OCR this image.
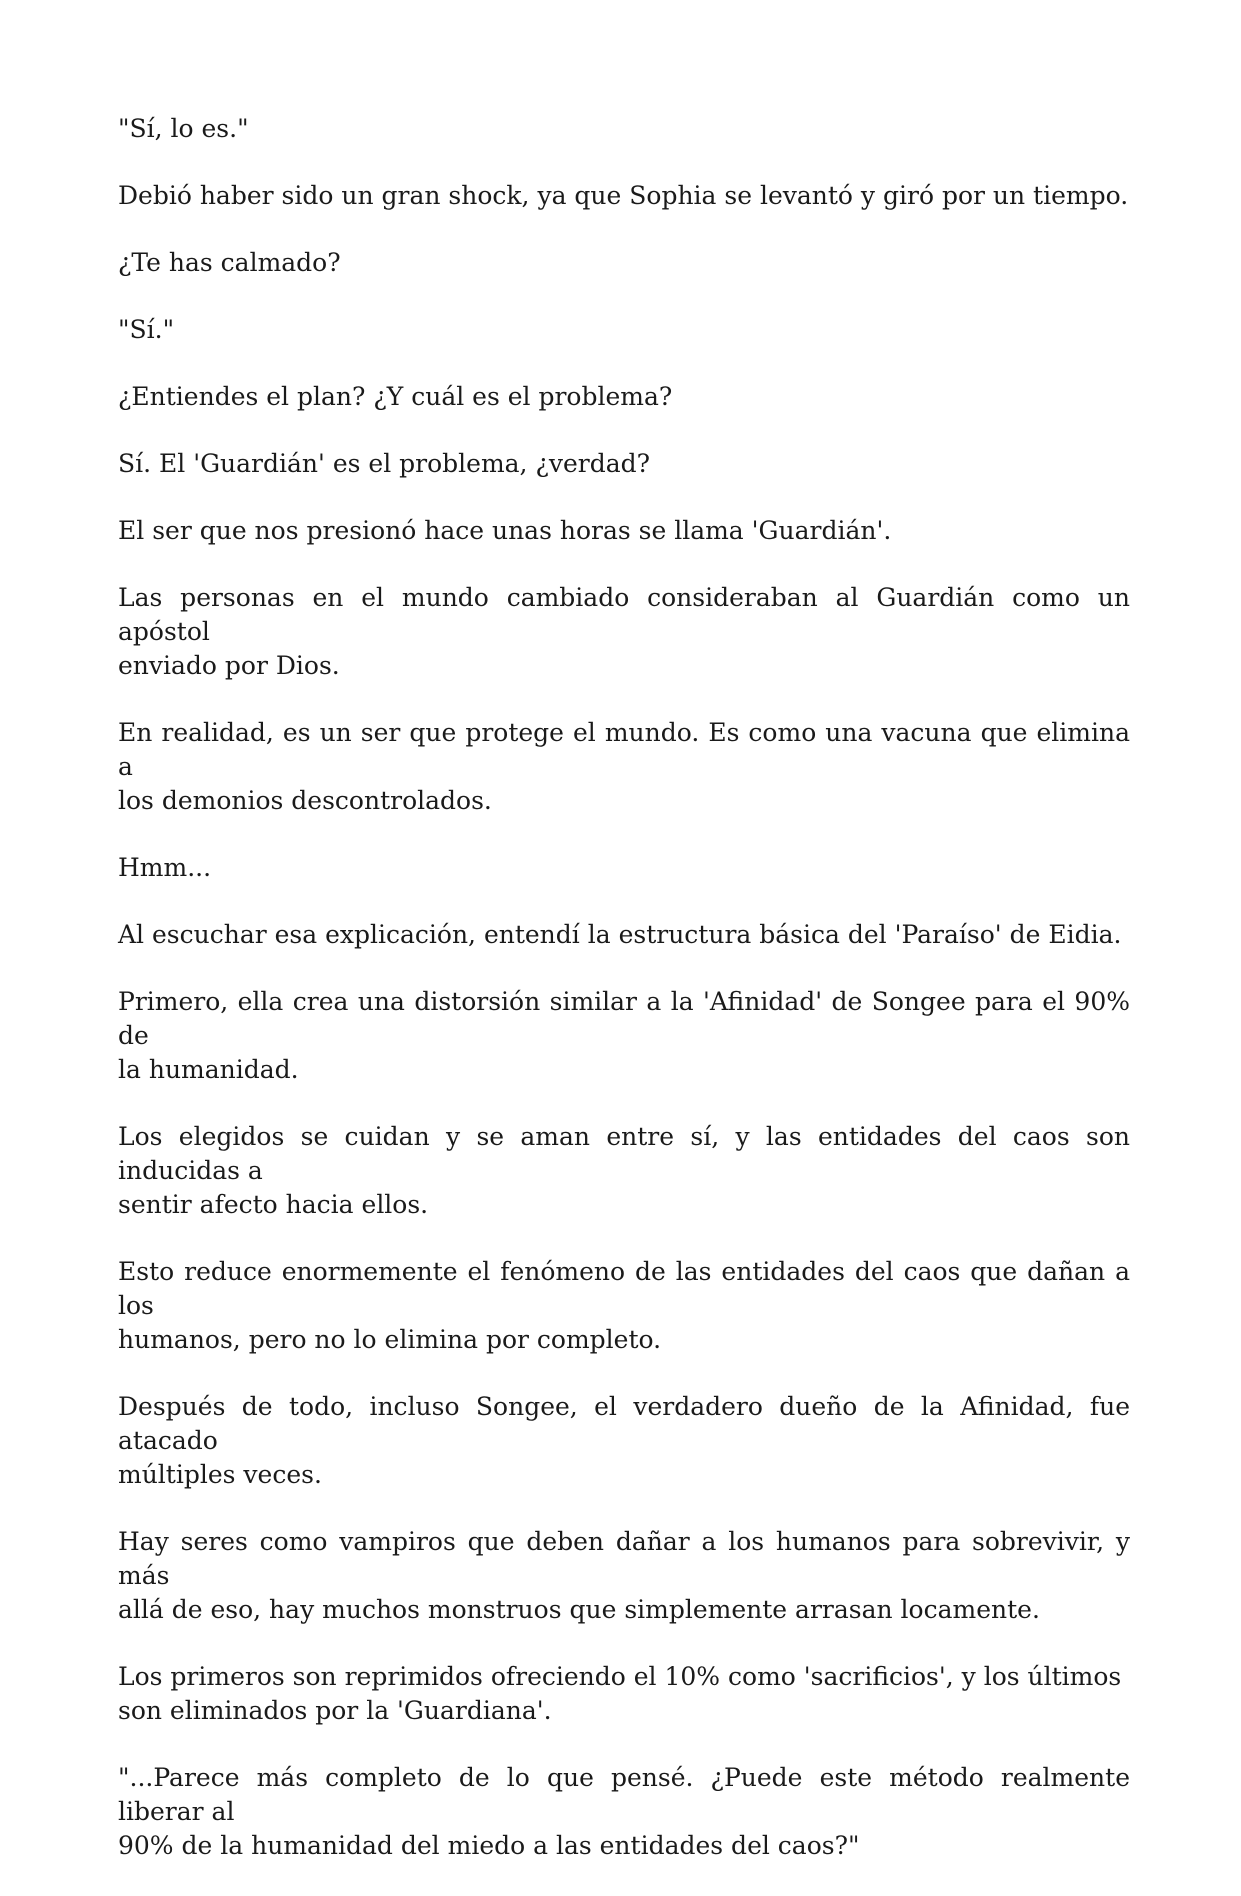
"Sí, lo es."

Debió haber sido un gran shock, ya que Sophia se levantó y giró por un tiempo.

¿Te has calmado?

"Sí."

¿Entiendes el plan? ¿Y cuál es el problema?

Sí. El 'Guardián' es el problema, ¿verdad?

El ser que nos presionó hace unas horas se llama 'Guardián'.

Las personas en el mundo cambiado consideraban al Guardián como un apóstol
enviado por Dios.

En realidad, es un ser que protege el mundo. Es como una vacuna que elimina a
los demonios descontrolados.

Hmm...

Al escuchar esa explicación, entendí la estructura básica del 'Paraíso' de Eidia.

Primero, ella crea una distorsión similar a la 'Afinidad' de Songee para el 90% de
la humanidad.

Los elegidos se cuidan y se aman entre sí, y las entidades del caos son inducidas a
sentir afecto hacia ellos.

Esto reduce enormemente el fenómeno de las entidades del caos que dañan a los
humanos, pero no lo elimina por completo.

Después de todo, incluso Songee, el verdadero dueño de la Afinidad, fue atacado
múltiples veces.

Hay seres como vampiros que deben dañar a los humanos para sobrevivir, y más
allá de eso, hay muchos monstruos que simplemente arrasan locamente.

Los primeros son reprimidos ofreciendo el 10% como 'sacrificios', y los últimos
son eliminados por la 'Guardiana'.

"...Parece más completo de lo que pensé. ¿Puede este método realmente liberar al
90% de la humanidad del miedo a las entidades del caos?"
